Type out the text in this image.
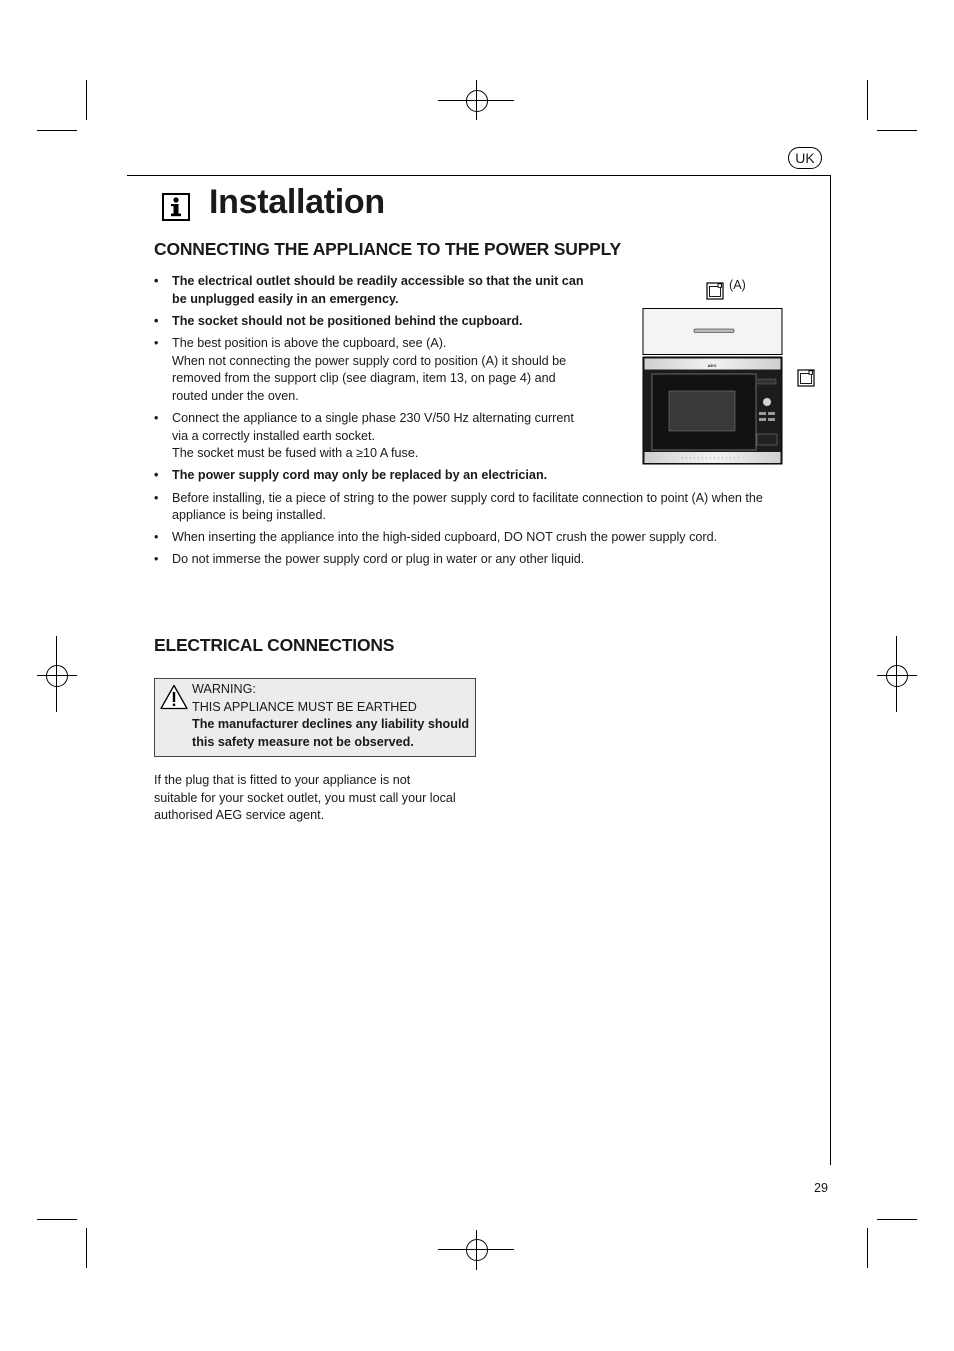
UK
Installation
CONNECTING THE APPLIANCE TO THE POWER SUPPLY
• The electrical outlet should be readily accessible so that the unit can
be unplugged easily in an emergency.
• The socket should not be positioned behind the cupboard.
• The best position is above the cupboard, see (A).
When not connecting the power supply cord to position (A) it should be
removed from the support clip (see diagram, item 13, on page 4) and
routed under the oven.
• Connect the appliance to a single phase 230 V/50 Hz alternating current
via a correctly installed earth socket.
The socket must be fused with a ≥10 A fuse.
• The power supply cord may only be replaced by an electrician.
• Before installing, tie a piece of string to the power supply cord to facilitate connection to point (A) when the
appliance is being installed.
• When inserting the appliance into the high-sided cupboard, DO NOT crush the power supply cord.
• Do not immerse the power supply cord or plug in water or any other liquid.
(A)
AEG
ELECTRICAL CONNECTIONS
WARNING:
THIS APPLIANCE MUST BE EARTHED
The manufacturer declines any liability should
this safety measure not be observed.

If the plug that is fitted to your appliance is not
suitable for your socket outlet, you must call your local
authorised AEG service agent.

29
